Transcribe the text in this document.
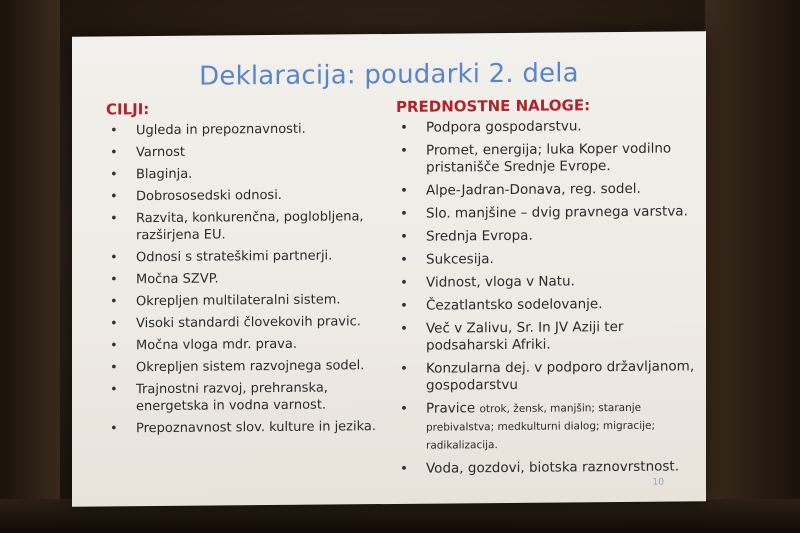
Deklaracija: poudarki 2. dela
CILJI:
• Ugleda in prepoznavnosti.
• Varnost
• Blaginja.
• Dobrososedski odnosi.
• Razvita, konkurenčna, poglobljena, razširjena EU.
• Odnosi s strateškimi partnerji.
• Močna SZVP.
• Okrepljen multilateralni sistem.
• Visoki standardi človekovih pravic.
• Močna vloga mdr. prava.
• Okrepljen sistem razvojnega sodel.
• Trajnostni razvoj, prehranska, energetska in vodna varnost.
• Prepoznavnost slov. kulture in jezika.
PREDNOSTNE NALOGE:
• Podpora gospodarstvu.
• Promet, energija; luka Koper vodilno pristanišče Srednje Evrope.
• Alpe-Jadran-Donava, reg. sodel.
• Slo. manjšine – dvig pravnega varstva.
• Srednja Evropa.
• Sukcesija.
• Vidnost, vloga v Natu.
• Čezatlantsko sodelovanje.
• Več v Zalivu, Sr. In JV Aziji ter podsaharski Afriki.
• Konzularna dej. v podporo državljanom, gospodarstvu
• Pravice otrok, žensk, manjšin; staranje prebivalstva; medkulturni dialog; migracije; radikalizacija.
• Voda, gozdovi, biotska raznovrstnost.
10
